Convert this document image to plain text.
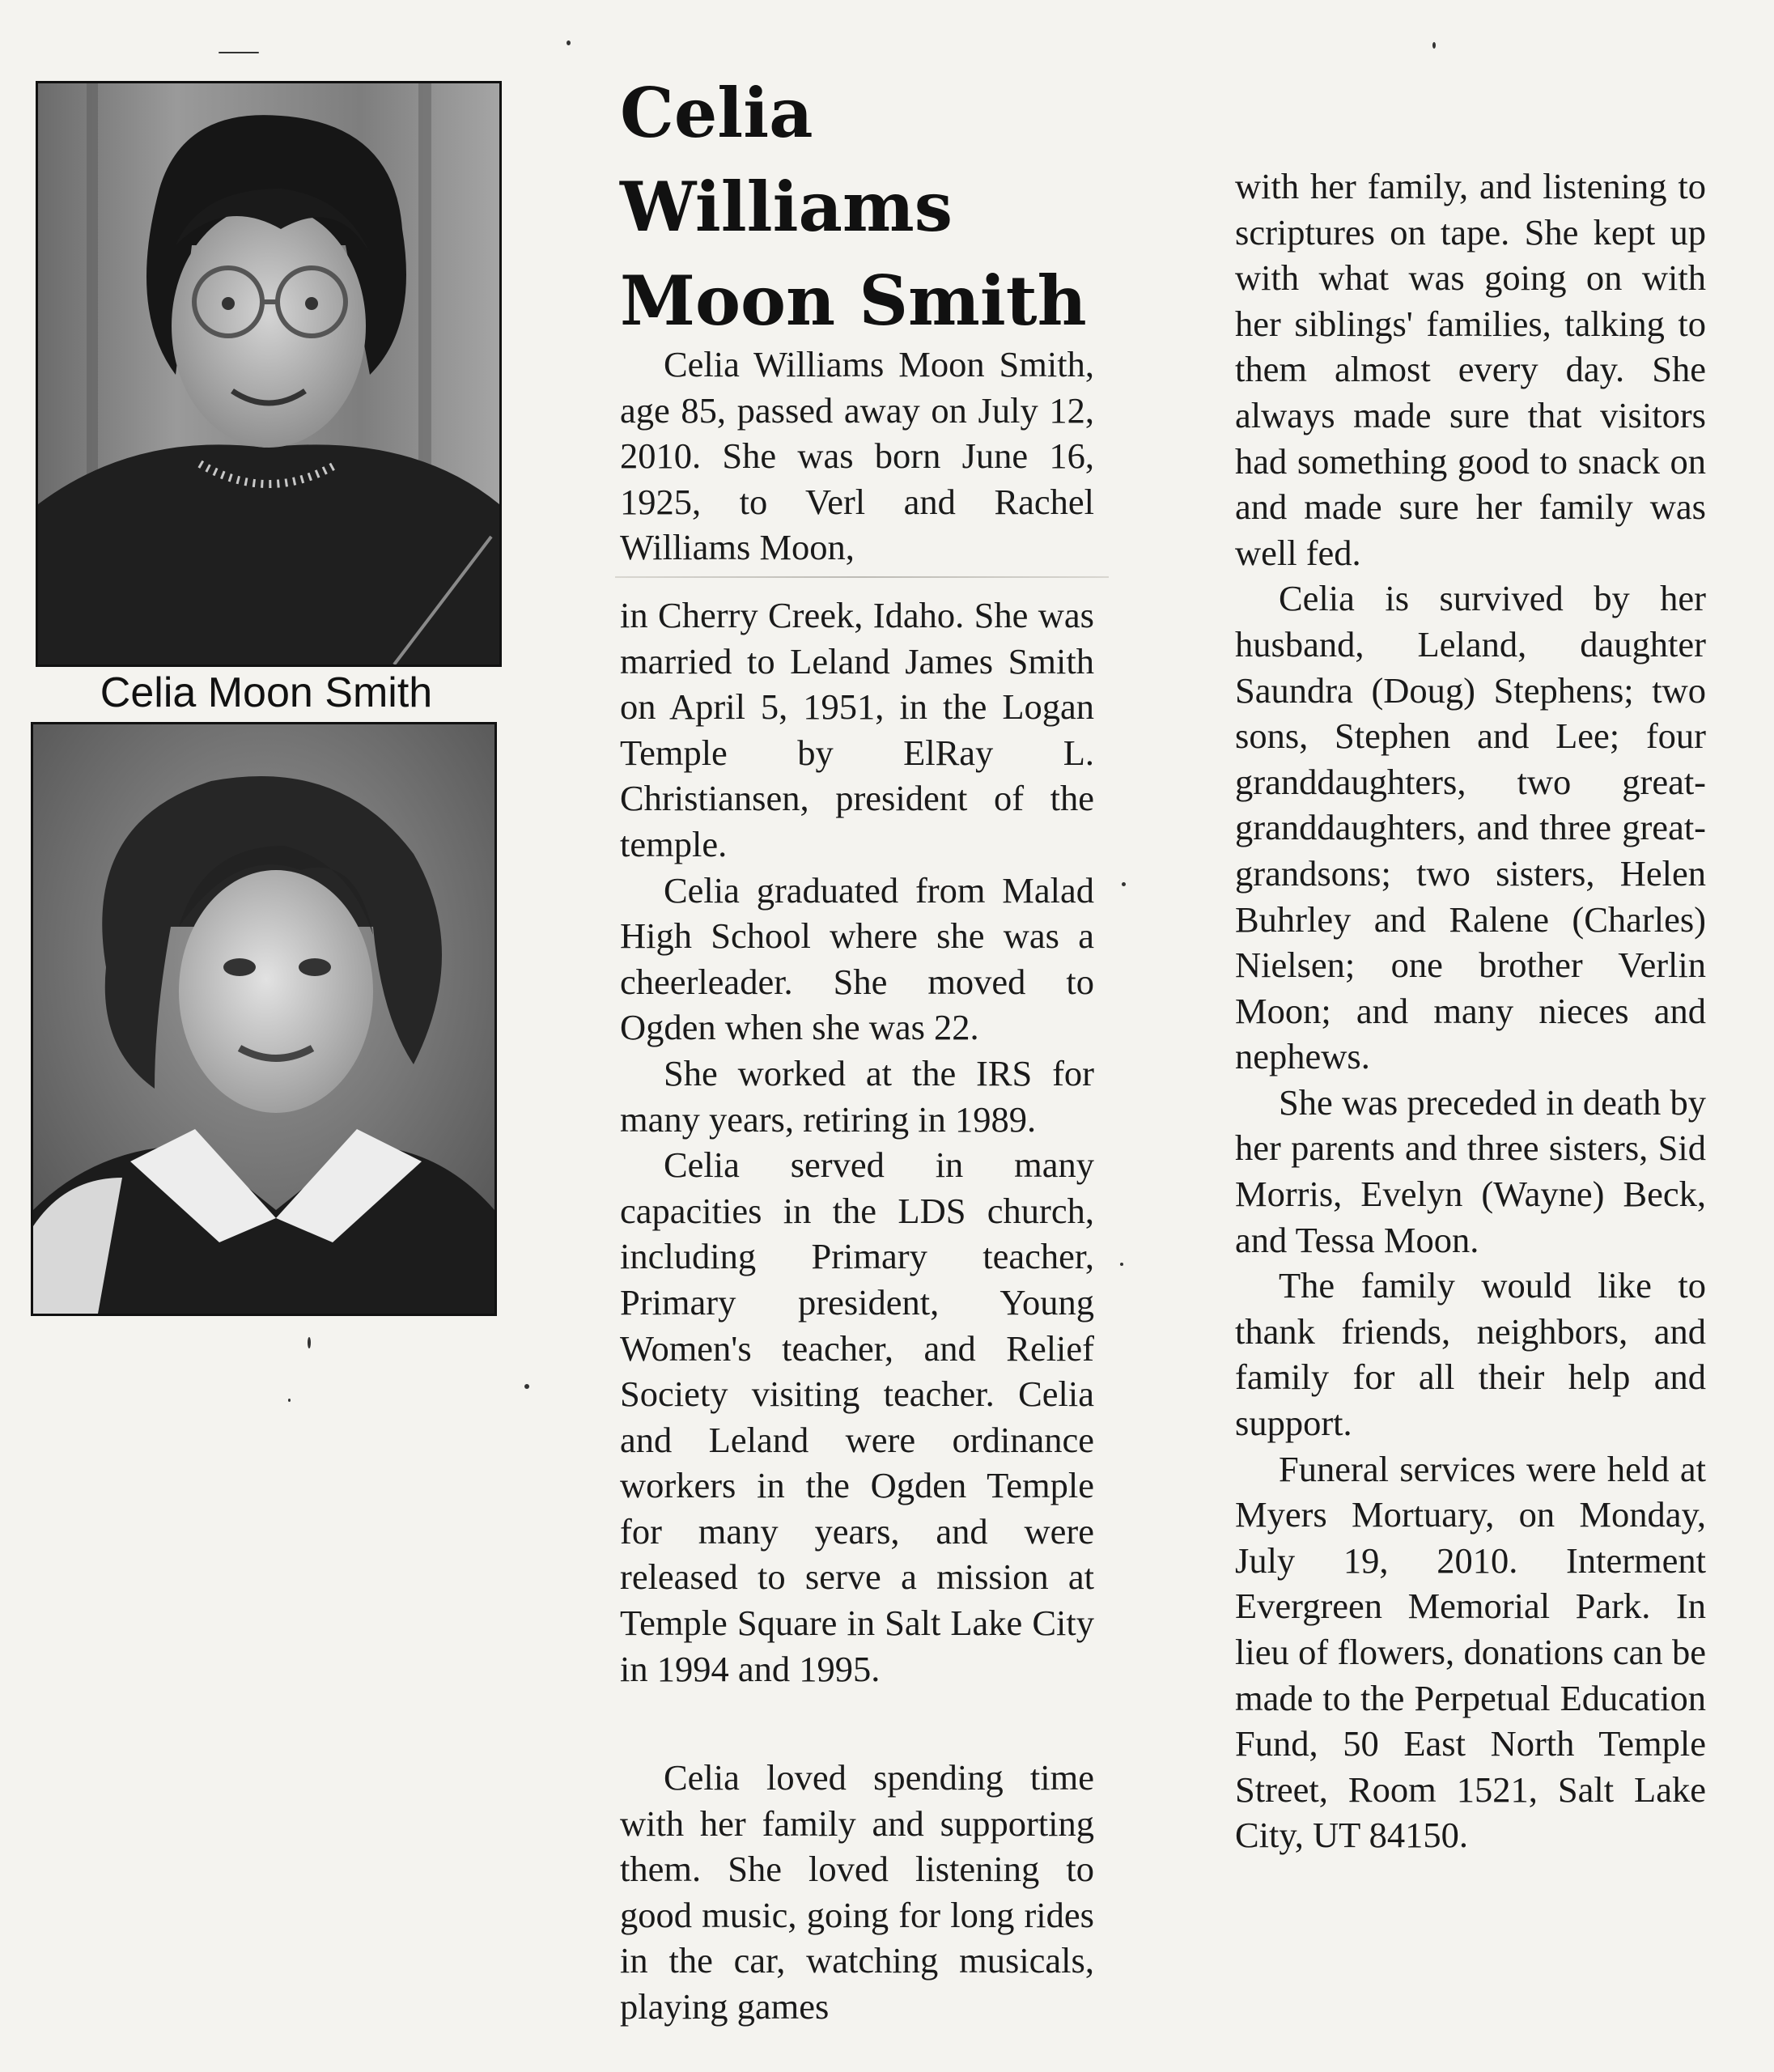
Celia Moon Smith
Celia
Williams
Moon Smith

Celia Williams Moon Smith, age 85, passed away on July 12, 2010. She was born June 16, 1925, to Verl and Rachel Williams Moon,

in Cherry Creek, Idaho. She was married to Leland James Smith on April 5, 1951, in the Logan Temple by ElRay L. Christiansen, president of the temple.

Celia graduated from Malad High School where she was a cheerleader. She moved to Ogden when she was 22.

She worked at the IRS for many years, retiring in 1989.

Celia served in many capacities in the LDS church, including Primary teacher, Primary president, Young Women's teacher, and Relief Society visiting teacher. Celia and Leland were ordinance workers in the Ogden Temple for many years, and were released to serve a mission at Temple Square in Salt Lake City in 1994 and 1995.

Celia loved spending time with her family and supporting them. She loved listening to good music, going for long rides in the car, watching musicals, playing games

with her family, and listening to scriptures on tape. She kept up with what was going on with her siblings' families, talking to them almost every day. She always made sure that visitors had something good to snack on and made sure her family was well fed.

Celia is survived by her husband, Leland, daughter Saundra (Doug) Stephens; two sons, Stephen and Lee; four granddaughters, two great-granddaughters, and three great-grandsons; two sisters, Helen Buhrley and Ralene (Charles) Nielsen; one brother Verlin Moon; and many nieces and nephews.

She was preceded in death by her parents and three sisters, Sid Morris, Evelyn (Wayne) Beck, and Tessa Moon.

The family would like to thank friends, neighbors, and family for all their help and support.

Funeral services were held at Myers Mortuary, on Monday, July 19, 2010. Interment Evergreen Memorial Park. In lieu of flowers, donations can be made to the Perpetual Education Fund, 50 East North Temple Street, Room 1521, Salt Lake City, UT 84150.
